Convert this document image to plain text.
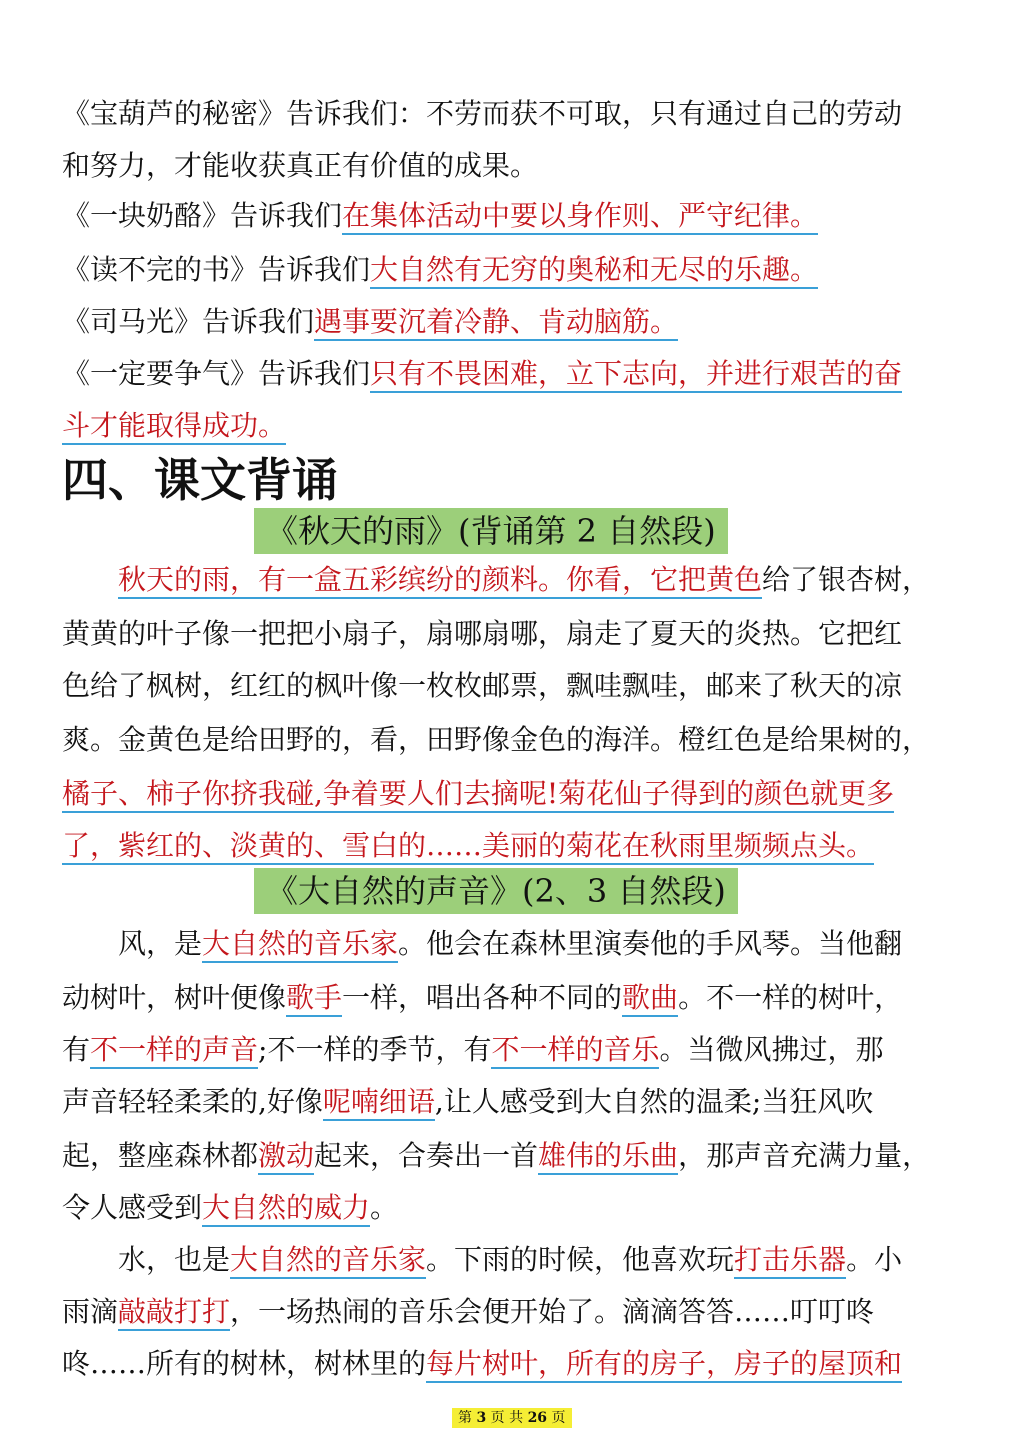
《宝葫芦的秘密》告诉我们：不劳而获不可取，只有通过自己的劳动
和努力，才能收获真正有价值的成果。
《一块奶酪》告诉我们在集体活动中要以身作则、严守纪律。
《读不完的书》告诉我们大自然有无穷的奥秘和无尽的乐趣。
《司马光》告诉我们遇事要沉着冷静、肯动脑筋。
《一定要争气》告诉我们只有不畏困难，立下志向，并进行艰苦的奋
斗才能取得成功。
四、课文背诵
《秋天的雨》(背诵第 2 自然段)
　　秋天的雨，有一盒五彩缤纷的颜料。你看，它把黄色给了银杏树，
黄黄的叶子像一把把小扇子，扇哪扇哪，扇走了夏天的炎热。它把红
色给了枫树，红红的枫叶像一枚枚邮票，飘哇飘哇，邮来了秋天的凉
爽。金黄色是给田野的，看，田野像金色的海洋。橙红色是给果树的，
橘子、柿子你挤我碰,争着要人们去摘呢!菊花仙子得到的颜色就更多
了，紫红的、淡黄的、雪白的……美丽的菊花在秋雨里频频点头。
《大自然的声音》(2、3 自然段)
　　风，是大自然的音乐家。他会在森林里演奏他的手风琴。当他翻
动树叶，树叶便像歌手一样，唱出各种不同的歌曲。不一样的树叶，
有不一样的声音;不一样的季节，有不一样的音乐。当微风拂过，那
声音轻轻柔柔的,好像呢喃细语,让人感受到大自然的温柔;当狂风吹
起，整座森林都激动起来，合奏出一首雄伟的乐曲，那声音充满力量，
令人感受到大自然的威力。
　　水，也是大自然的音乐家。下雨的时候，他喜欢玩打击乐器。小
雨滴敲敲打打，一场热闹的音乐会便开始了。滴滴答答……叮叮咚
咚……所有的树林，树林里的每片树叶，所有的房子，房子的屋顶和
第 3 页 共 26 页
